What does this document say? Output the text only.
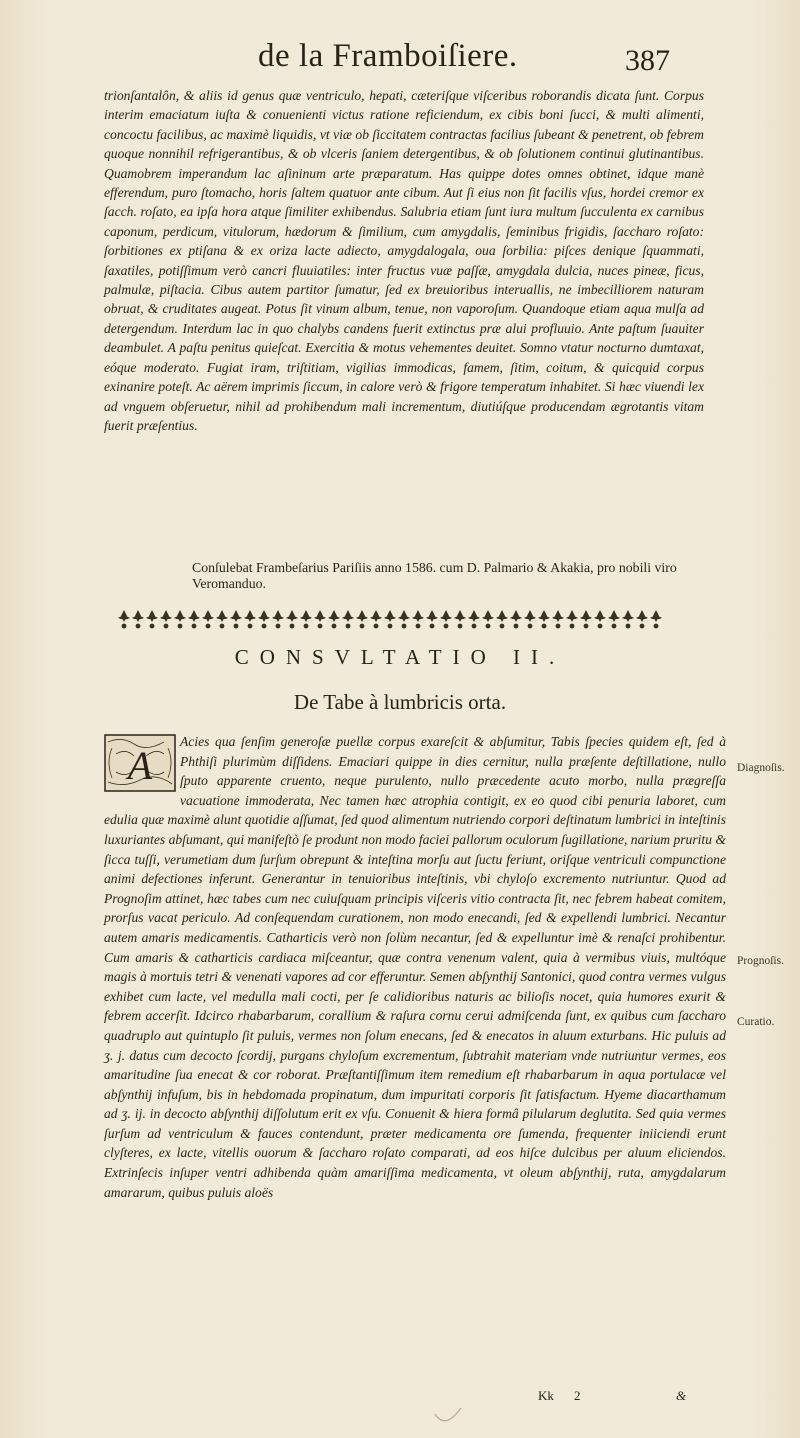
de la Framboiſiere.	387
trionſantalôn, & aliis id genus quæ ventriculo, hepati, cæteriſque viſceribus roborandis dicata ſunt. Corpus interim emaciatum iuſta & conuenienti victus ratione reficiendum, ex cibis boni ſucci, & multi alimenti, concoctu facilibus, ac maximè liquidis, vt viæ ob ſiccitatem contractas facilius ſubeant & penetrent, ob febrem quoque nonnihil refrigerantibus, & ob vlceris ſaniem detergentibus, & ob ſolutionem continui glutinantibus. Quamobrem imperandum lac aſininum arte præparatum. Has quippe dotes omnes obtinet, idque manè efferendum, puro ſtomacho, horis ſaltem quatuor ante cibum. Aut ſi eius non ſit facilis vſus, hordei cremor ex ſacch. roſato, ea ipſa hora atque ſimiliter exhibendus. Salubria etiam ſunt iura multum ſucculenta ex carnibus caponum, perdicum, vitulorum, hædorum & ſimilium, cum amygdalis, ſeminibus frigidis, ſaccharo roſato: ſorbitiones ex ptiſana & ex oriza lacte adiecto, amygdalogala, oua ſorbilia: piſces denique ſquammati, ſaxatiles, potiſſimum verò cancri fluuiatiles: inter fructus vuæ paſſæ, amygdala dulcia, nuces pineæ, ficus, palmulæ, piſtacia. Cibus autem partitor ſumatur, ſed ex breuioribus interuallis, ne imbecilliorem naturam obruat, & cruditates augeat. Potus ſit vinum album, tenue, non vaporoſum. Quandoque etiam aqua mulſa ad detergendum. Interdum lac in quo chalybs candens fuerit extinctus præ alui profluuio. Ante paſtum ſuauiter deambulet. A paſtu penitus quieſcat. Exercitia & motus vehementes deuitet. Somno vtatur nocturno dumtaxat, eóque moderato. Fugiat iram, triſtitiam, vigilias immodicas, famem, ſitim, coitum, & quicquid corpus exinanire poteſt. Ac aërem imprimis ſiccum, in calore verò & frigore temperatum inhabitet. Si hæc viuendi lex ad vnguem obſeruetur, nihil ad prohibendum mali incrementum, diutiúſque producendam ægrotantis vitam fuerit præſentius.
Conſulebat Frambeſarius Pariſiis anno 1586. cum D. Palmario & Akakia, pro nobili viro Veromanduo.
CONSVLTATIO II.
De Tabe à lumbricis orta.
A
Acies qua ſenſim generoſæ puellæ corpus exareſcit & abſumitur, Tabis ſpecies quidem eſt, ſed à Phthiſi plurimùm diſſidens. Emaciari quippe in dies cernitur, nulla præſente deſtillatione, nullo ſputo apparente cruento, neque purulento, nullo præcedente acuto morbo, nulla prægreſſa vacuatione immoderata, Nec tamen hæc atrophia contigit, ex eo quod cibi penuria laboret, cum edulia quæ maximè alunt quotidie aſſumat, ſed quod alimentum nutriendo corpori deſtinatum lumbrici in inteſtinis luxuriantes abſumant, qui manifeſtò ſe produnt non modo faciei pallorum oculorum ſugillatione, narium pruritu & ſicca tuſſi, verumetiam dum ſurſum obrepunt & inteſtina morſu aut ſuctu feriunt, oriſque ventriculi compunctione animi defectiones inferunt. Generantur in tenuioribus inteſtinis, vbi chyloſo excremento nutriuntur. Quod ad Prognoſim attinet, hæc tabes cum nec cuiuſquam principis viſceris vitio contracta ſit, nec febrem habeat comitem, prorſus vacat periculo. Ad conſequendam curationem, non modo enecandi, ſed & expellendi lumbrici. Necantur autem amaris medicamentis. Catharticis verò non ſolùm necantur, ſed & expelluntur imè & renaſci prohibentur. Cum amaris & catharticis cardiaca miſceantur, quæ contra venenum valent, quia à vermibus viuis, multóque magis à mortuis tetri & venenati vapores ad cor efferuntur. Semen abſynthij Santonici, quod contra vermes vulgus exhibet cum lacte, vel medulla mali cocti, per ſe calidioribus naturis ac bilioſis nocet, quia humores exurit & febrem accerſit. Idcirco rhabarbarum, corallium & raſura cornu cerui admiſcenda ſunt, ex quibus cum ſaccharo quadruplo aut quintuplo ſit puluis, vermes non ſolum enecans, ſed & enecatos in aluum exturbans. Hic puluis ad ʒ. j. datus cum decocto ſcordij, purgans chyloſum excrementum, ſubtrahit materiam vnde nutriuntur vermes, eos amaritudine ſua enecat & cor roborat. Præſtantiſſimum item remedium eſt rhabarbarum in aqua portulacæ vel abſynthij infuſum, bis in hebdomada propinatum, dum impuritati corporis ſit ſatisfactum. Hyeme diacarthamum ad ʒ. ij. in decocto abſynthij diſſolutum erit ex vſu. Conuenit & hiera formâ pilularum deglutita. Sed quia vermes ſurſum ad ventriculum & fauces contendunt, præter medicamenta ore ſumenda, frequenter iniiciendi erunt clyſteres, ex lacte, vitellis ouorum & ſaccharo roſato comparati, ad eos hiſce dulcibus per aluum eliciendos. Extrinſecis inſuper ventri adhibenda quàm amariſſima medicamenta, vt oleum abſynthij, ruta, amygdalarum amararum, quibus puluis aloës
Diagnoſis.
Prognoſis.
Curatio.
Kk 2	&
